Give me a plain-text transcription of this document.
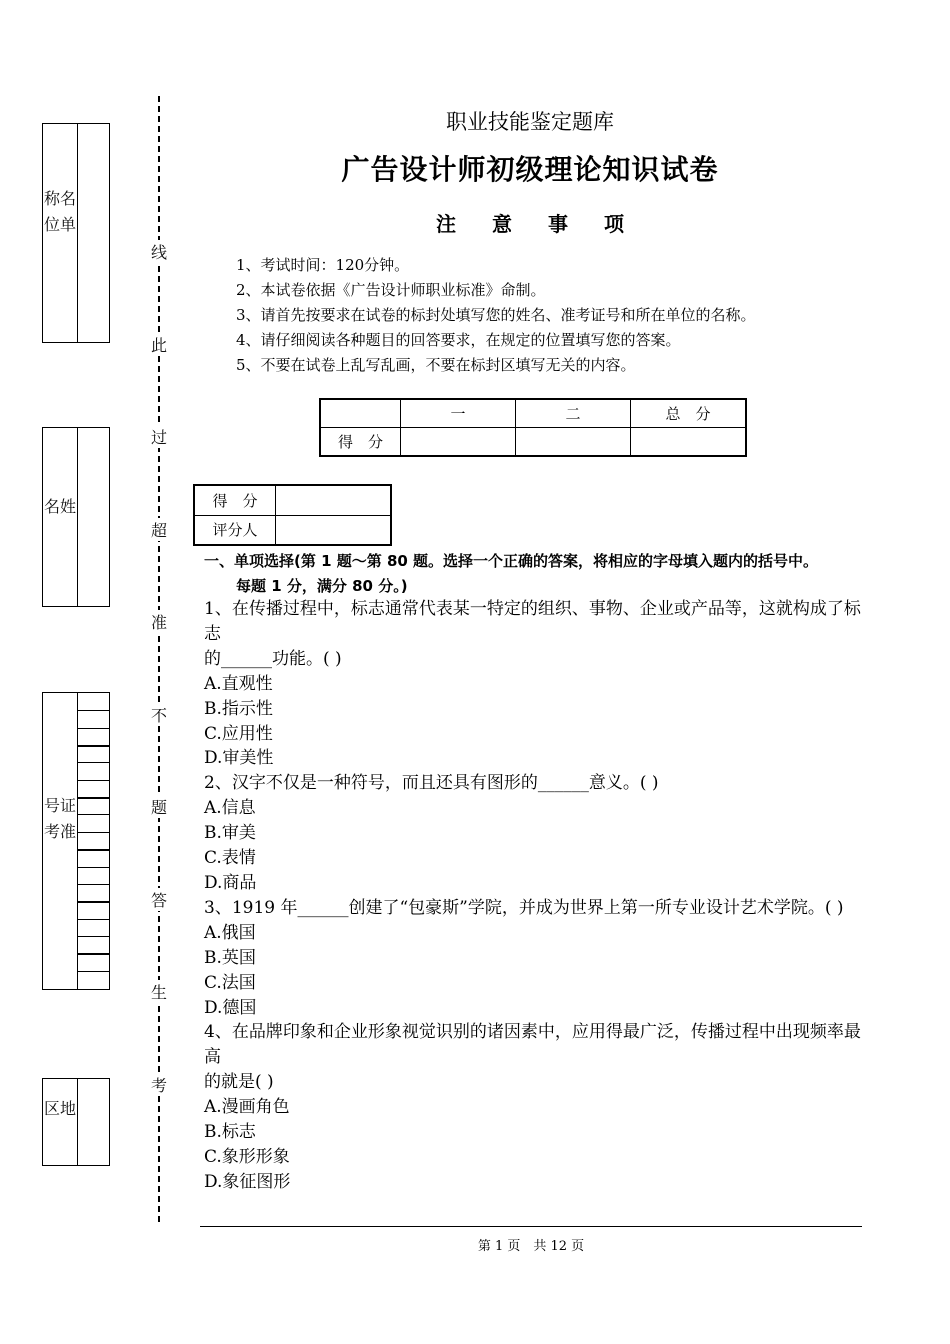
称名位单
名姓
号证考准
区地
线
此
过
超
准
不
题
答
生
考
职业技能鉴定题库
广告设计师初级理论知识试卷
注意事项
1、考试时间：120分钟。
2、本试卷依据《广告设计师职业标准》命制。
3、请首先按要求在试卷的标封处填写您的姓名、准考证号和所在单位的名称。
4、请仔细阅读各种题目的回答要求，在规定的位置填写您的答案。
5、不要在试卷上乱写乱画，不要在标封区填写无关的内容。
	一	二	总　分
得　分			
得　分	
评分人	
一、单项选择(第 1 题～第 80 题。选择一个正确的答案，将相应的字母填入题内的括号中。
每题 1 分，满分 80 分。)
1、在传播过程中，标志通常代表某一特定的组织、事物、企业或产品等，这就构成了标志
的______功能。( )
A.直观性
B.指示性
C.应用性
D.审美性
2、汉字不仅是一种符号，而且还具有图形的______意义。( )
A.信息
B.审美
C.表情
D.商品
3、1919 年______创建了“包豪斯”学院，并成为世界上第一所专业设计艺术学院。( )
A.俄国
B.英国
C.法国
D.德国
4、在品牌印象和企业形象视觉识别的诸因素中，应用得最广泛，传播过程中出现频率最高
的就是( )
A.漫画角色
B.标志
C.象形形象
D.象征图形
第 1 页　共 12 页
